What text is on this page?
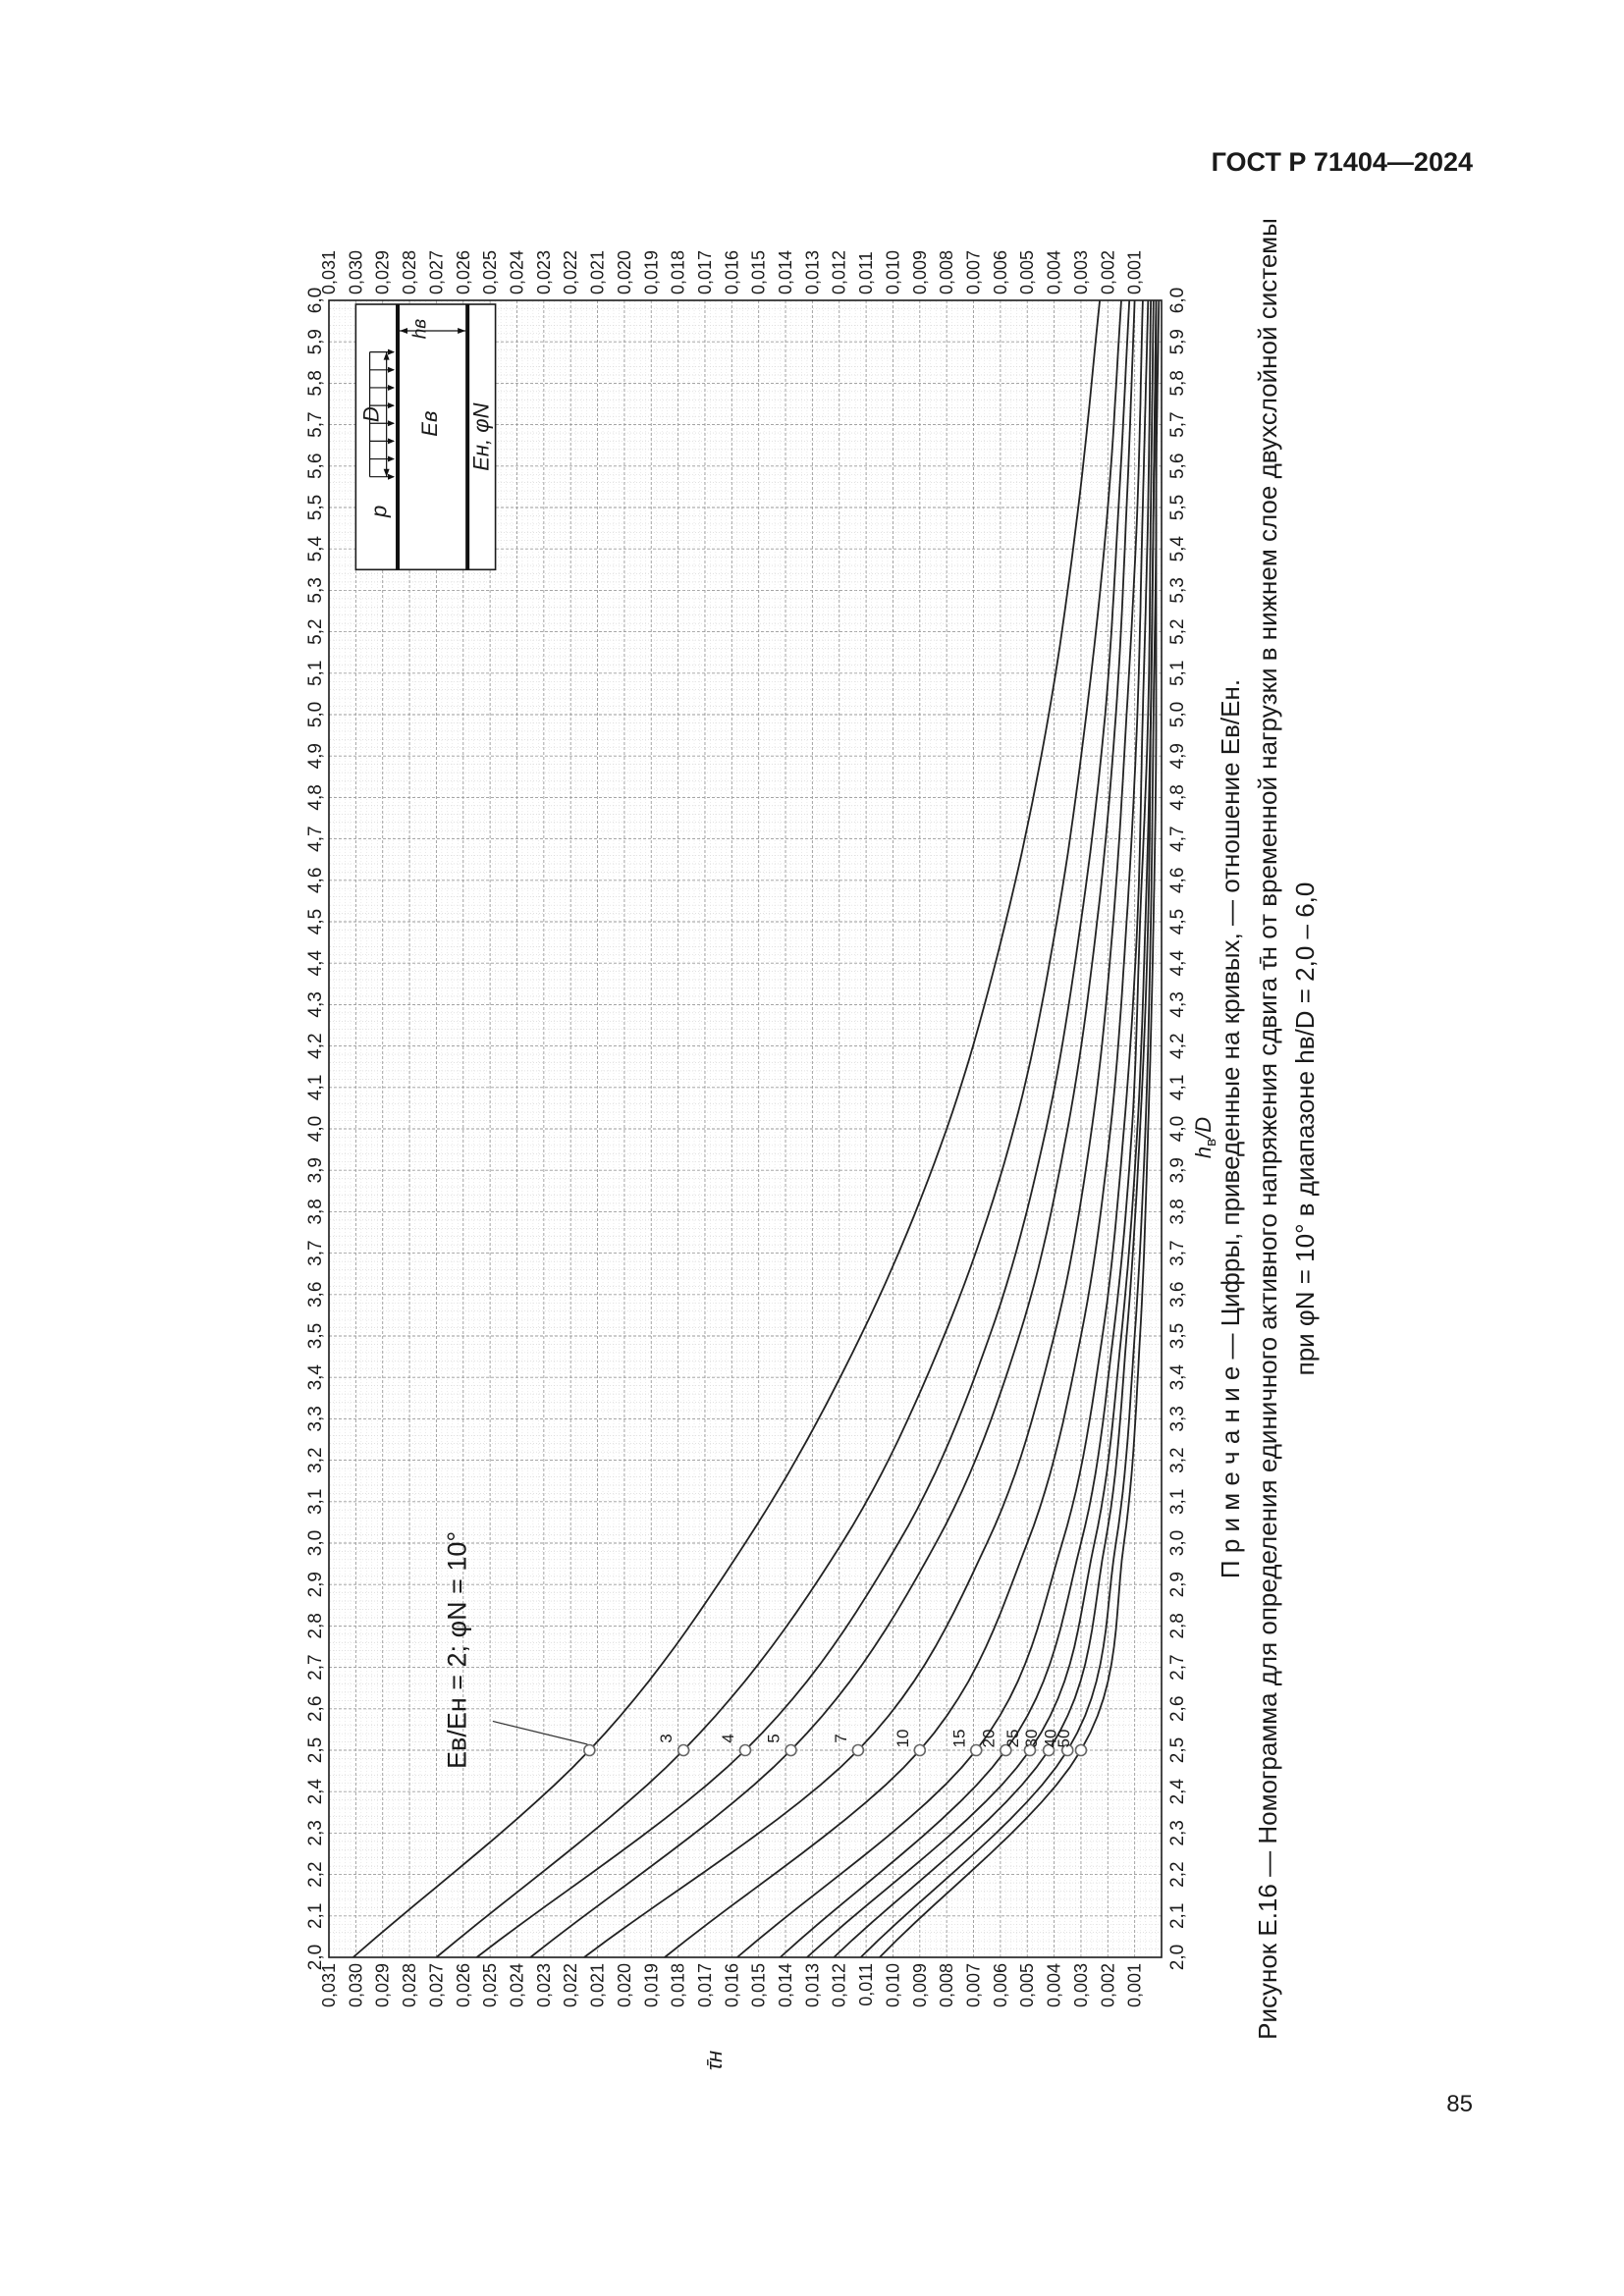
ГОСТ Р 71404—2024
2,0
2,0
2,1
2,1
2,2
2,2
2,3
2,3
2,4
2,4
2,5
2,5
2,6
2,6
2,7
2,7
2,8
2,8
2,9
2,9
3,0
3,0
3,1
3,1
3,2
3,2
3,3
3,3
3,4
3,4
3,5
3,5
3,6
3,6
3,7
3,7
3,8
3,8
3,9
3,9
4,0
4,0
4,1
4,1
4,2
4,2
4,3
4,3
4,4
4,4
4,5
4,5
4,6
4,6
4,7
4,7
4,8
4,8
4,9
4,9
5,0
5,0
5,1
5,1
5,2
5,2
5,3
5,3
5,4
5,4
5,5
5,5
5,6
5,6
5,7
5,7
5,8
5,8
5,9
5,9
6,0
6,0
0,001
0,001
0,002
0,002
0,003
0,003
0,004
0,004
0,005
0,005
0,006
0,006
0,007
0,007
0,008
0,008
0,009
0,009
0,010
0,010
0,011
0,011
0,012
0,012
0,013
0,013
0,014
0,014
0,015
0,015
0,016
0,016
0,017
0,017
0,018
0,018
0,019
0,019
0,020
0,020
0,021
0,021
0,022
0,022
0,023
0,023
0,024
0,024
0,025
0,025
0,026
0,026
0,027
0,027
0,028
0,028
0,029
0,029
0,030
0,030
0,031
0,031
p
D Eв
hв
Eн, φN
$h_в/D$
τ̄н
3	4 5	7	10 15 20 25 30 40
50
Eв/Eн = 2; φN = 10°
П р и м е ч а н и е — Цифры, приведенные на кривых, — отношение Eв/Eн. Рисунок Е.16 — Номограмма для определения единичного активного напряжения сдвига τ̄н от временной нагрузки в нижнем слое двухслойной системы при φN = 10° в диапазоне hв/D = 2,0 – 6,0
85
